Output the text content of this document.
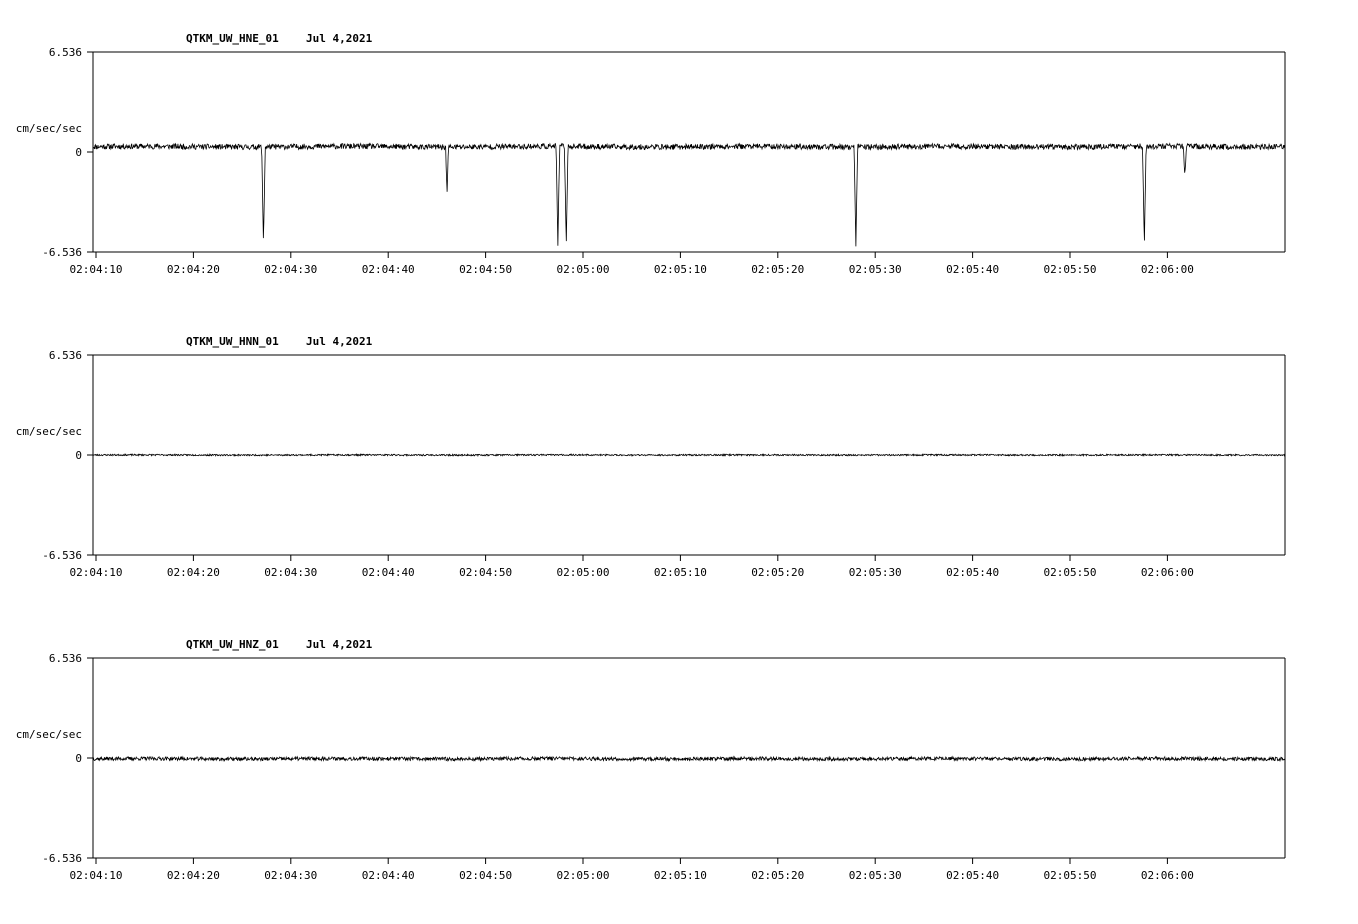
6.536
0
-6.536
cm/sec/sec
02:04:10	02:04:20	02:04:30	02:04:40	02:04:50	02:05:00	02:05:10	02:05:20	02:05:30	02:05:40	02:05:50	02:06:00
QTKM_UW_HNE_01 Jul 4,2021
6.536
0
-6.536
cm/sec/sec
02:04:10	02:04:20	02:04:30	02:04:40	02:04:50	02:05:00	02:05:10	02:05:20	02:05:30	02:05:40	02:05:50	02:06:00
QTKM_UW_HNN_01 Jul 4,2021
6.536
0
-6.536
cm/sec/sec
02:04:10	02:04:20	02:04:30	02:04:40	02:04:50	02:05:00	02:05:10	02:05:20	02:05:30	02:05:40	02:05:50	02:06:00
QTKM_UW_HNZ_01 Jul 4,2021
